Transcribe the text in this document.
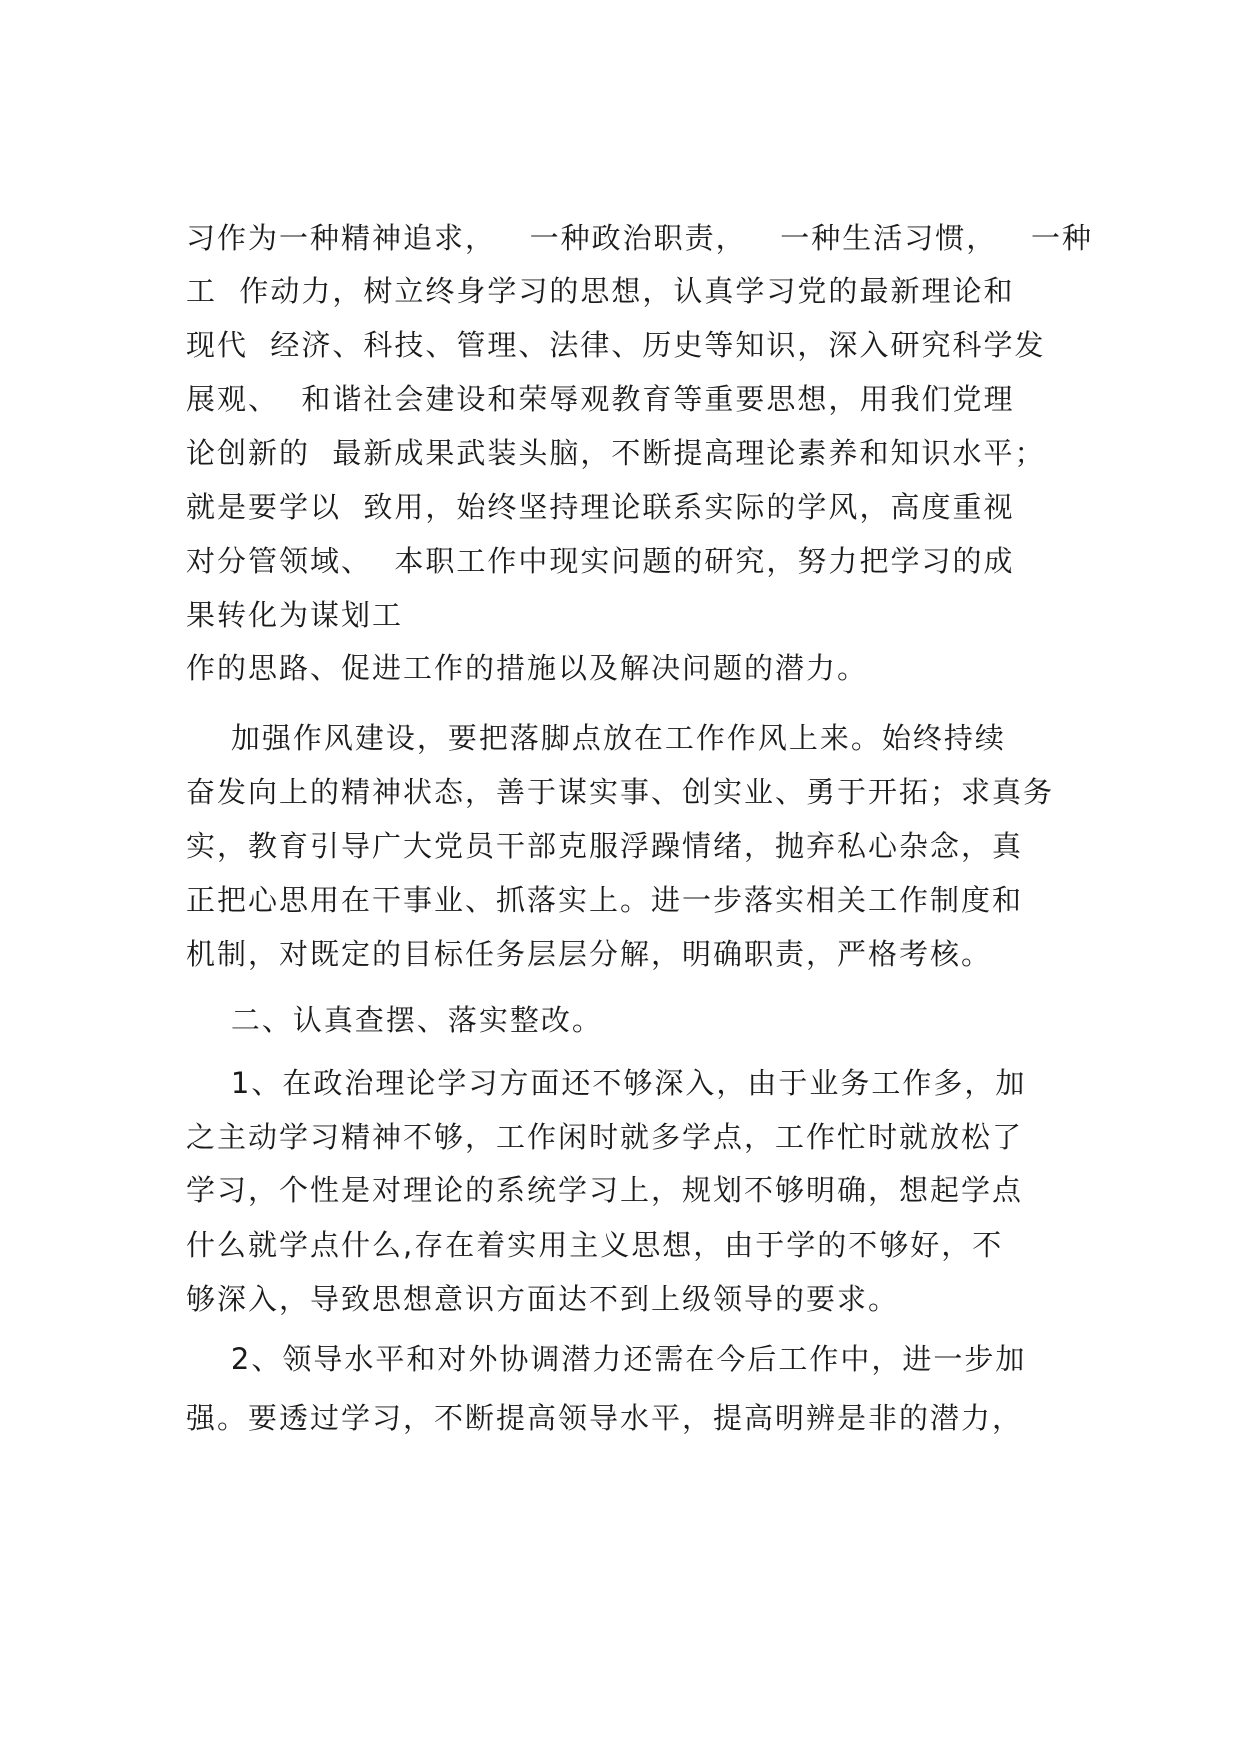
习作为一种精神追求，   一种政治职责，   一种生活习惯，   一种
工  作动力，树立终身学习的思想，认真学习党的最新理论和
现代  经济、科技、管理、法律、历史等知识，深入研究科学发
展观、  和谐社会建设和荣辱观教育等重要思想，用我们党理
论创新的  最新成果武装头脑，不断提高理论素养和知识水平；
就是要学以  致用，始终坚持理论联系实际的学风，高度重视
对分管领域、  本职工作中现实问题的研究，努力把学习的成
果转化为谋划工
作的思路、促进工作的措施以及解决问题的潜力。
加强作风建设，要把落脚点放在工作作风上来。始终持续
奋发向上的精神状态，善于谋实事、创实业、勇于开拓；求真务
实，教育引导广大党员干部克服浮躁情绪，抛弃私心杂念，真
正把心思用在干事业、抓落实上。进一步落实相关工作制度和
机制，对既定的目标任务层层分解，明确职责，严格考核。
二、认真查摆、落实整改。
1、在政治理论学习方面还不够深入，由于业务工作多，加
之主动学习精神不够，工作闲时就多学点，工作忙时就放松了
学习，个性是对理论的系统学习上，规划不够明确，想起学点
什么就学点什么,存在着实用主义思想，由于学的不够好，不
够深入，导致思想意识方面达不到上级领导的要求。
2、领导水平和对外协调潜力还需在今后工作中，进一步加
强。要透过学习，不断提高领导水平，提高明辨是非的潜力，
